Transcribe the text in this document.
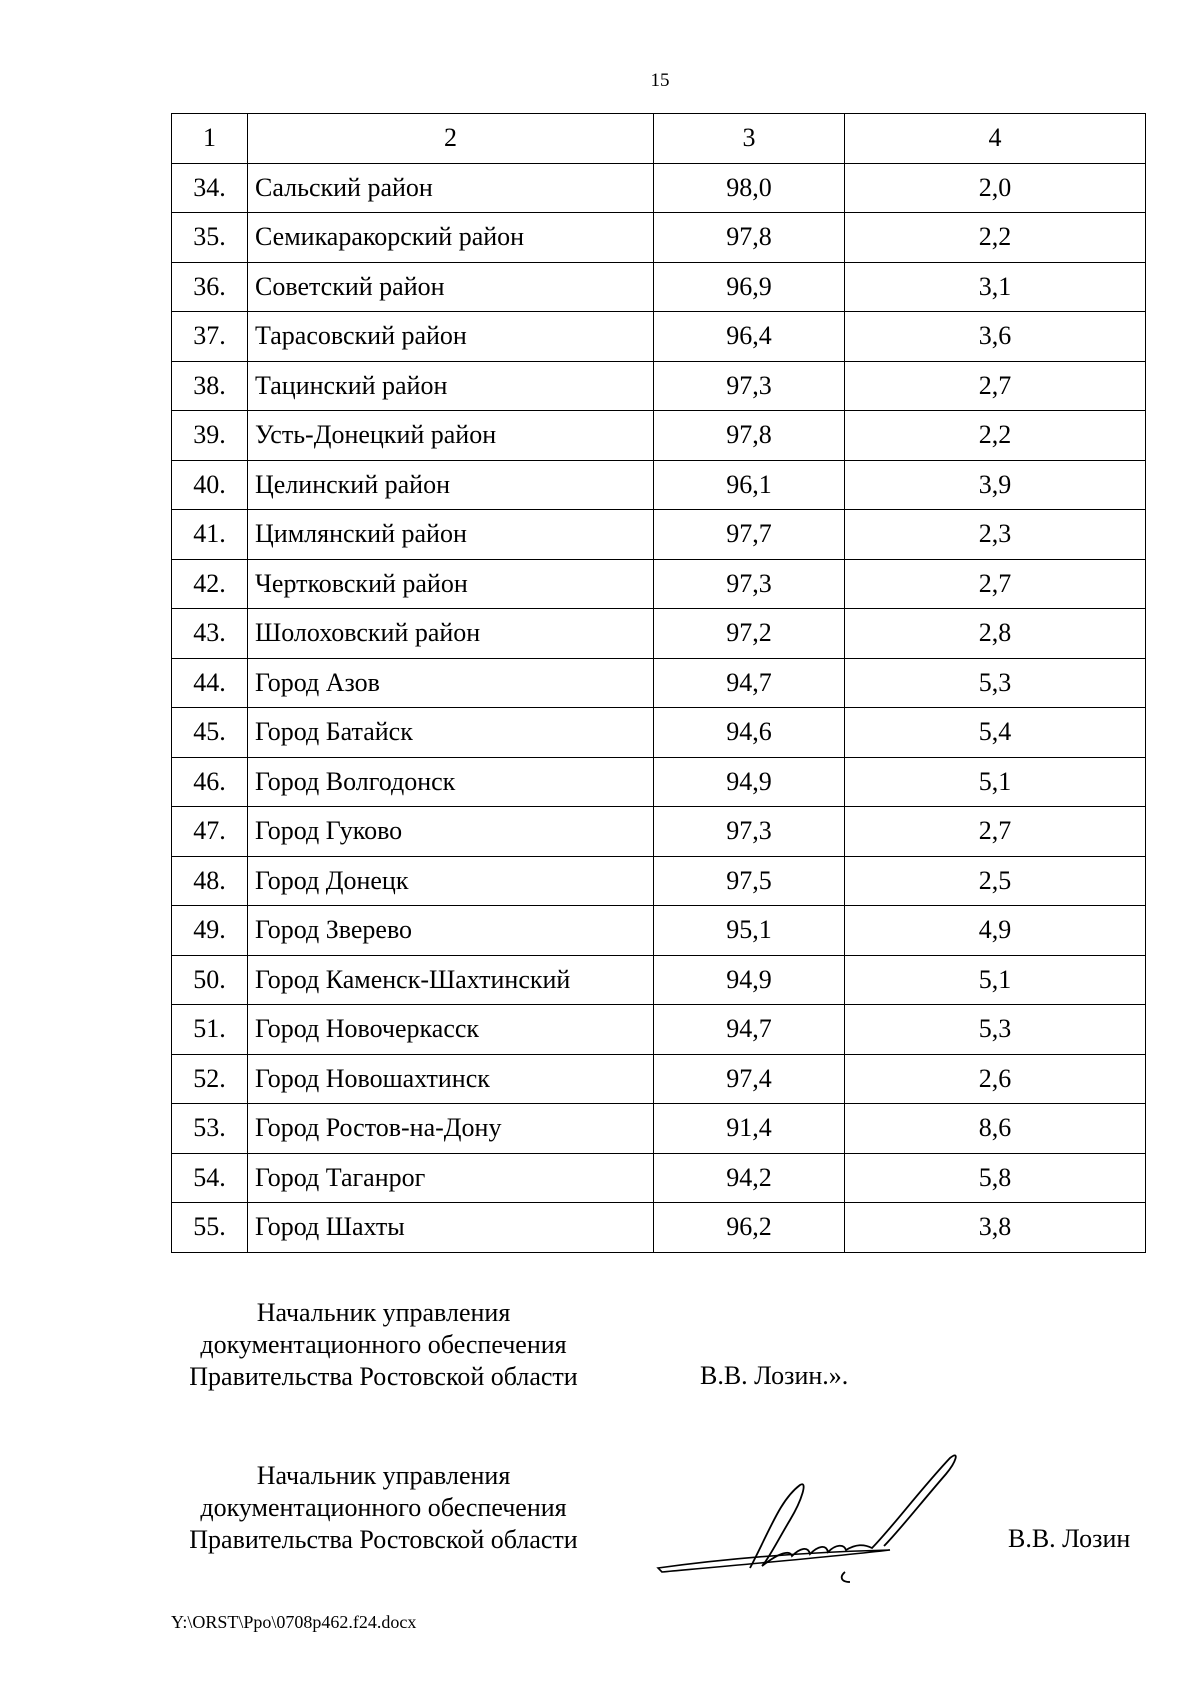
15
1	2	3	4
34.	Сальский район	98,0	2,0
35.	Семикаракорский район	97,8	2,2
36.	Советский район	96,9	3,1
37.	Тарасовский район	96,4	3,6
38.	Тацинский район	97,3	2,7
39.	Усть-Донецкий район	97,8	2,2
40.	Целинский район	96,1	3,9
41.	Цимлянский район	97,7	2,3
42.	Чертковский район	97,3	2,7
43.	Шолоховский район	97,2	2,8
44.	Город Азов	94,7	5,3
45.	Город Батайск	94,6	5,4
46.	Город Волгодонск	94,9	5,1
47.	Город Гуково	97,3	2,7
48.	Город Донецк	97,5	2,5
49.	Город Зверево	95,1	4,9
50.	Город Каменск-Шахтинский	94,9	5,1
51.	Город Новочеркасск	94,7	5,3
52.	Город Новошахтинск	97,4	2,6
53.	Город Ростов-на-Дону	91,4	8,6
54.	Город Таганрог	94,2	5,8
55.	Город Шахты	96,2	3,8
Начальник управления
документационного обеспечения
Правительства Ростовской области	В.В. Лозин.».
Начальник управления
документационного обеспечения
Правительства Ростовской области	В.В. Лозин
Y:\ORST\Ppo\0708p462.f24.docx
